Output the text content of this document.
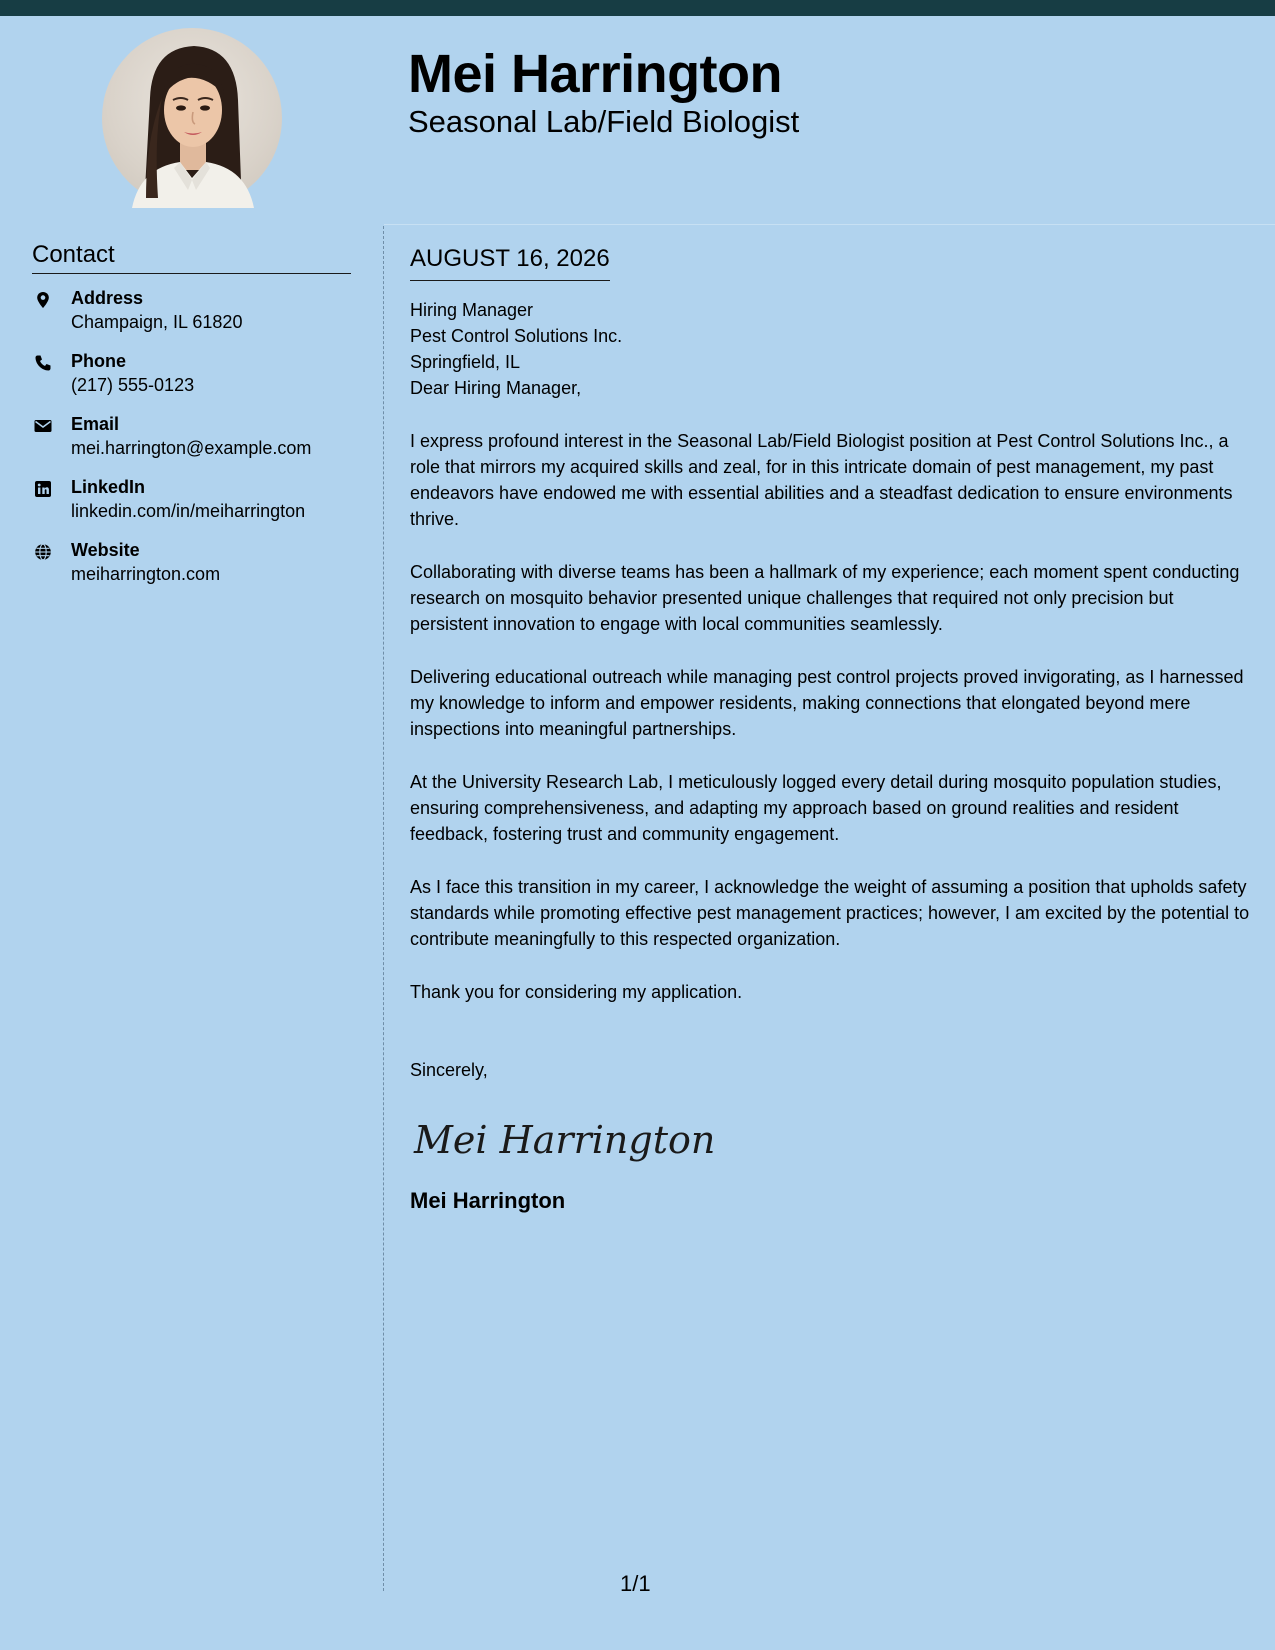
Mei Harrington
Seasonal Lab/Field Biologist
Contact
Address
Champaign, IL 61820
Phone
(217) 555-0123
Email
mei.harrington@example.com
LinkedIn
linkedin.com/in/meiharrington
Website
meiharrington.com
AUGUST 16, 2026
Hiring Manager
Pest Control Solutions Inc.
Springfield, IL

Dear Hiring Manager,

I express profound interest in the Seasonal Lab/Field Biologist position at Pest Control Solutions Inc., a role that mirrors my acquired skills and zeal, for in this intricate domain of pest management, my past endeavors have endowed me with essential abilities and a steadfast dedication to ensure environments thrive.

Collaborating with diverse teams has been a hallmark of my experience; each moment spent conducting research on mosquito behavior presented unique challenges that required not only precision but persistent innovation to engage with local communities seamlessly.

Delivering educational outreach while managing pest control projects proved invigorating, as I harnessed my knowledge to inform and empower residents, making connections that elongated beyond mere inspections into meaningful partnerships.

At the University Research Lab, I meticulously logged every detail during mosquito population studies, ensuring comprehensiveness, and adapting my approach based on ground realities and resident feedback, fostering trust and community engagement.

As I face this transition in my career, I acknowledge the weight of assuming a position that upholds safety standards while promoting effective pest management practices; however, I am excited by the potential to contribute meaningfully to this respected organization.

Thank you for considering my application.

Sincerely,

Mei Harrington
Mei Harrington
1/1
